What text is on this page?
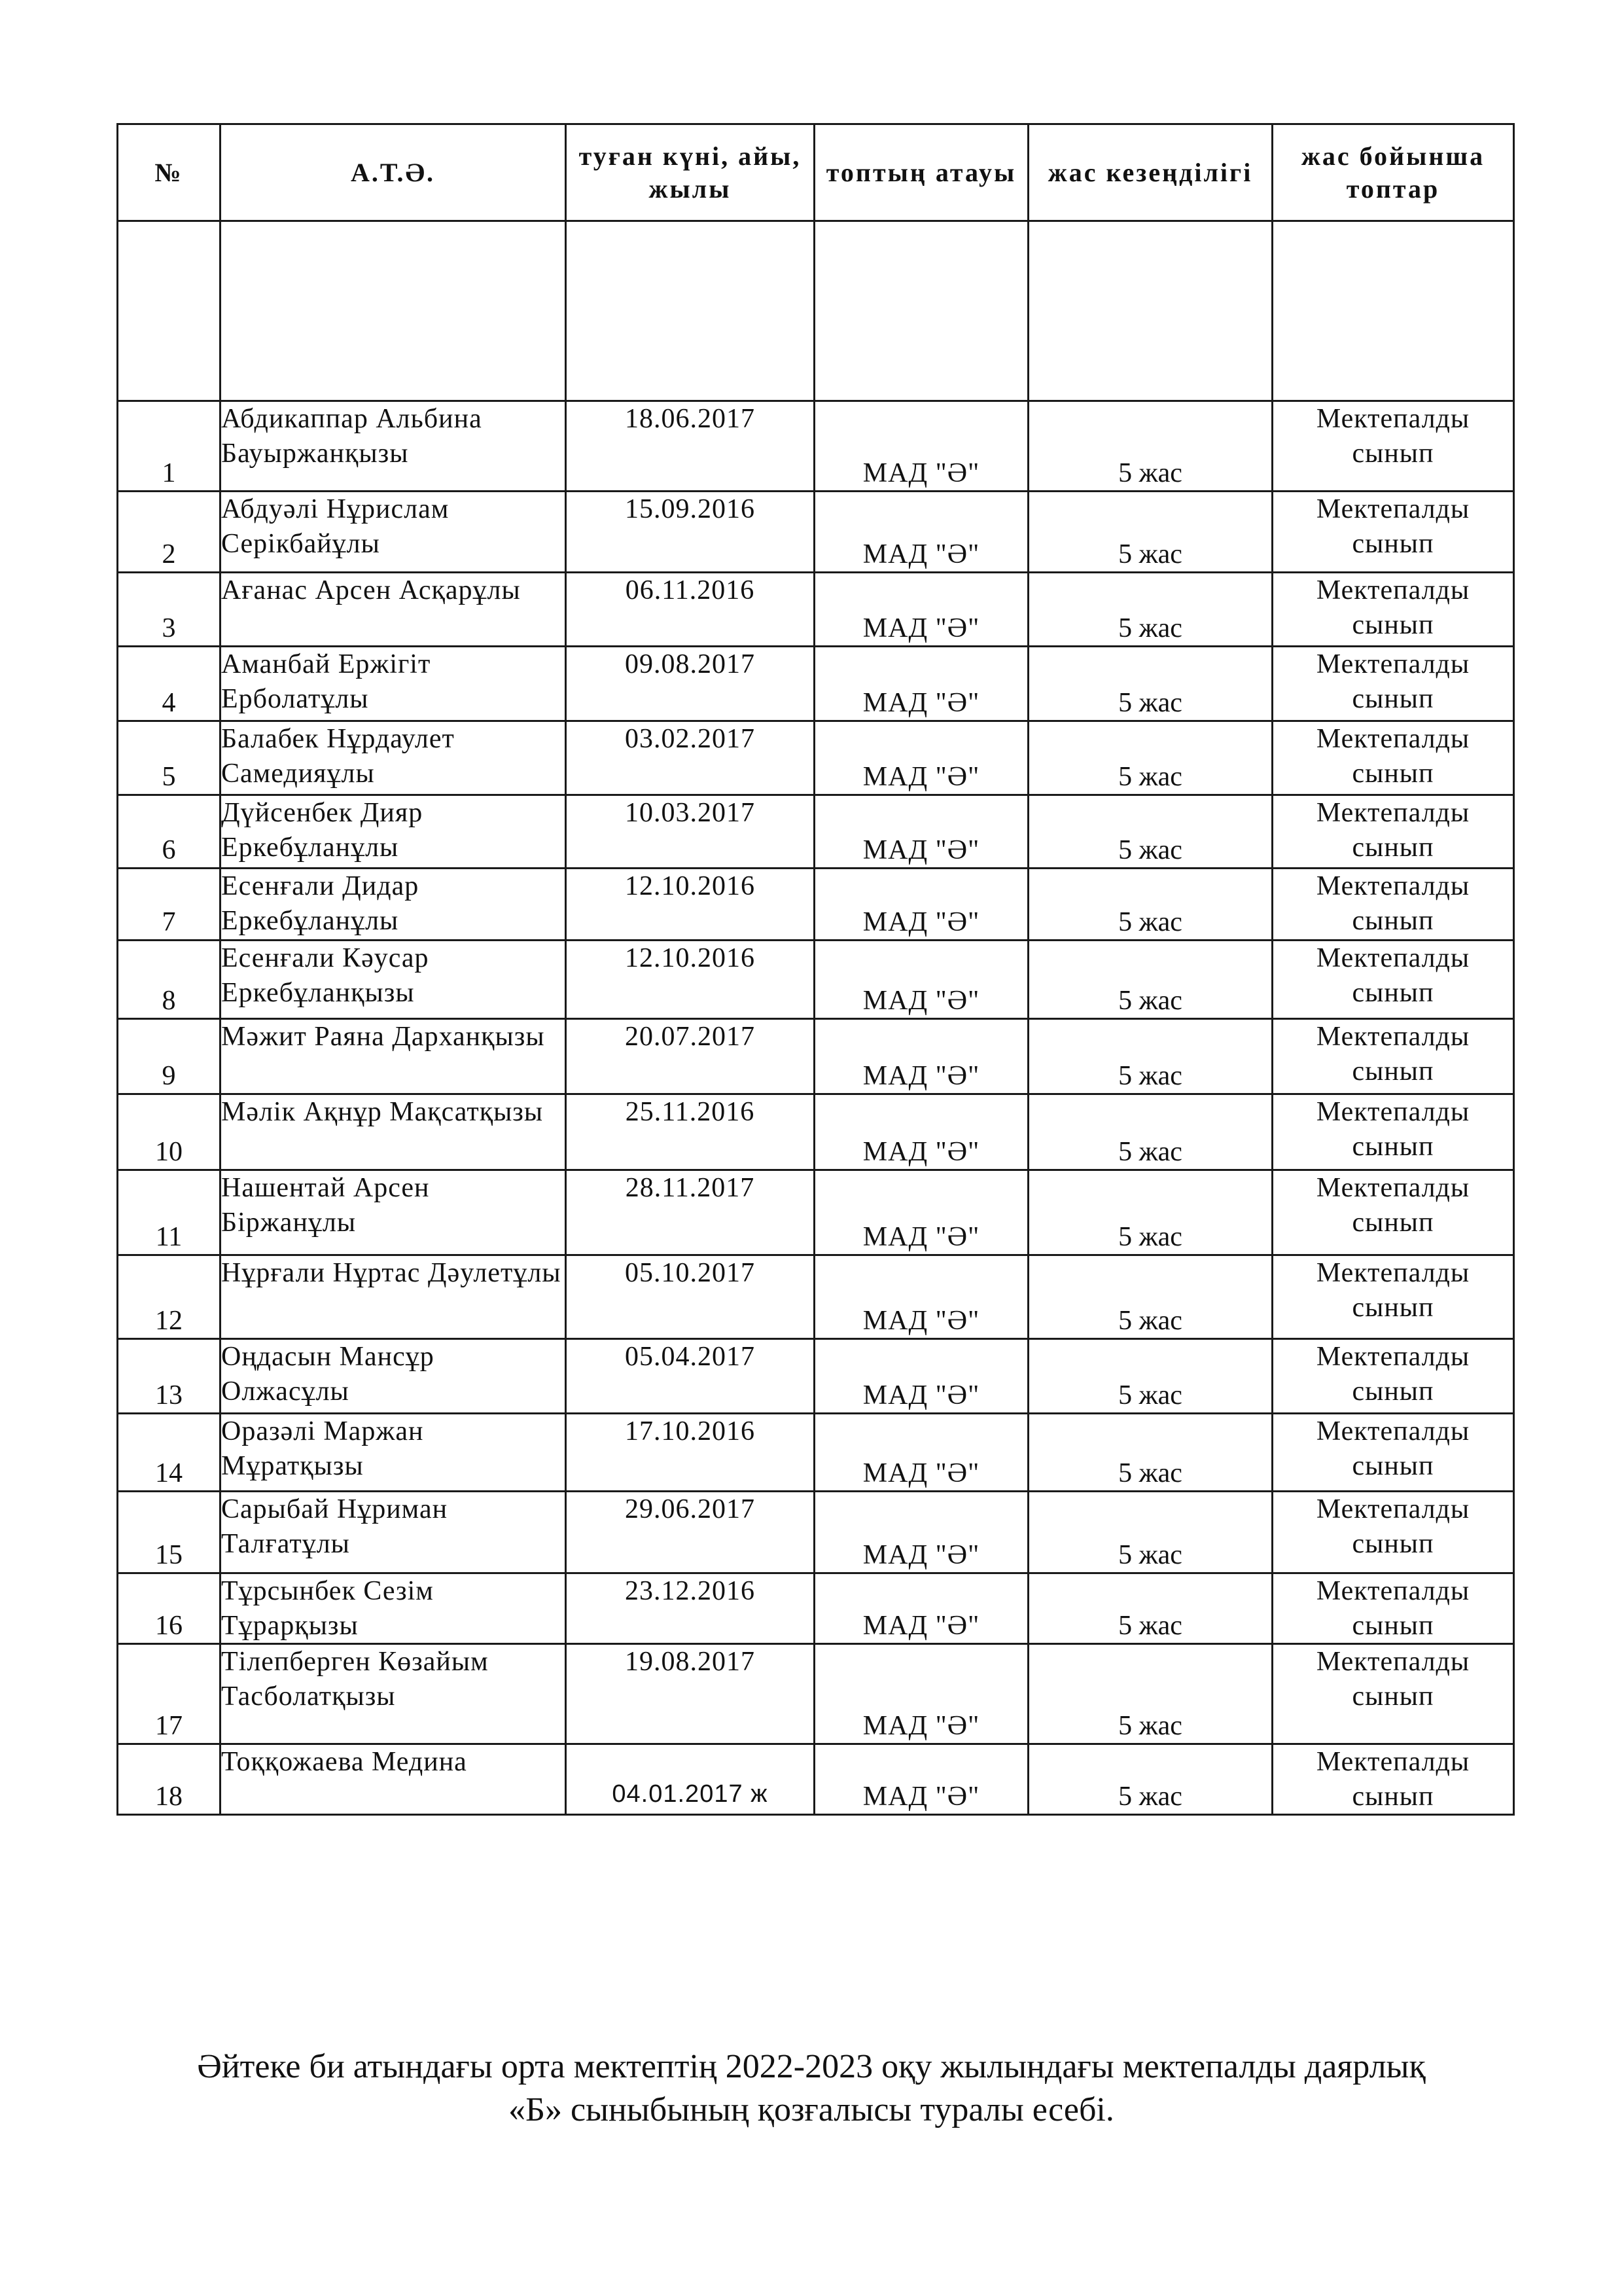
№	А.Т.Ә.	туған күні, айы, жылы	топтың атауы	жас кезеңділігі	жас бойынша топтар

1	Абдикаппар Альбина Бауыржанқызы	18.06.2017	МАД "Ә"	5 жас	Мектепалды сынып
2	Абдуәлі Нұрислам Серікбайұлы	15.09.2016	МАД "Ә"	5 жас	Мектепалды сынып
3	Ағанас Арсен Асқарұлы	06.11.2016	МАД "Ә"	5 жас	Мектепалды сынып
4	Аманбай Ержігіт Ерболатұлы	09.08.2017	МАД "Ә"	5 жас	Мектепалды сынып
5	Балабек Нұрдаулет Самедияұлы	03.02.2017	МАД "Ә"	5 жас	Мектепалды сынып
6	Дүйсенбек Дияр Еркебұланұлы	10.03.2017	МАД "Ә"	5 жас	Мектепалды сынып
7	Есенғали Дидар Еркебұланұлы	12.10.2016	МАД "Ә"	5 жас	Мектепалды сынып
8	Есенғали Кәусар Еркебұланқызы	12.10.2016	МАД "Ә"	5 жас	Мектепалды сынып
9	Мәжит Раяна Дарханқызы	20.07.2017	МАД "Ә"	5 жас	Мектепалды сынып
10	Мәлік Ақнұр Мақсатқызы	25.11.2016	МАД "Ә"	5 жас	Мектепалды сынып
11	Нашентай Арсен Біржанұлы	28.11.2017	МАД "Ә"	5 жас	Мектепалды сынып
12	Нұрғали Нұртас Дәулетұлы	05.10.2017	МАД "Ә"	5 жас	Мектепалды сынып
13	Оңдасын Мансұр Олжасұлы	05.04.2017	МАД "Ә"	5 жас	Мектепалды сынып
14	Оразәлі Маржан Мұратқызы	17.10.2016	МАД "Ә"	5 жас	Мектепалды сынып
15	Сарыбай Нұриман Талғатұлы	29.06.2017	МАД "Ә"	5 жас	Мектепалды сынып
16	Тұрсынбек Сезім Тұрарқызы	23.12.2016	МАД "Ә"	5 жас	Мектепалды сынып
17	Тілепберген Көзайым Тасболатқызы	19.08.2017	МАД "Ә"	5 жас	Мектепалды сынып
18	Тоққожаева Медина	04.01.2017 ж	МАД "Ә"	5 жас	Мектепалды сынып
Әйтеке би атындағы орта мектептің 2022-2023 оқу жылындағы мектепалды даярлық
«Б» сыныбының қозғалысы туралы есебі.
